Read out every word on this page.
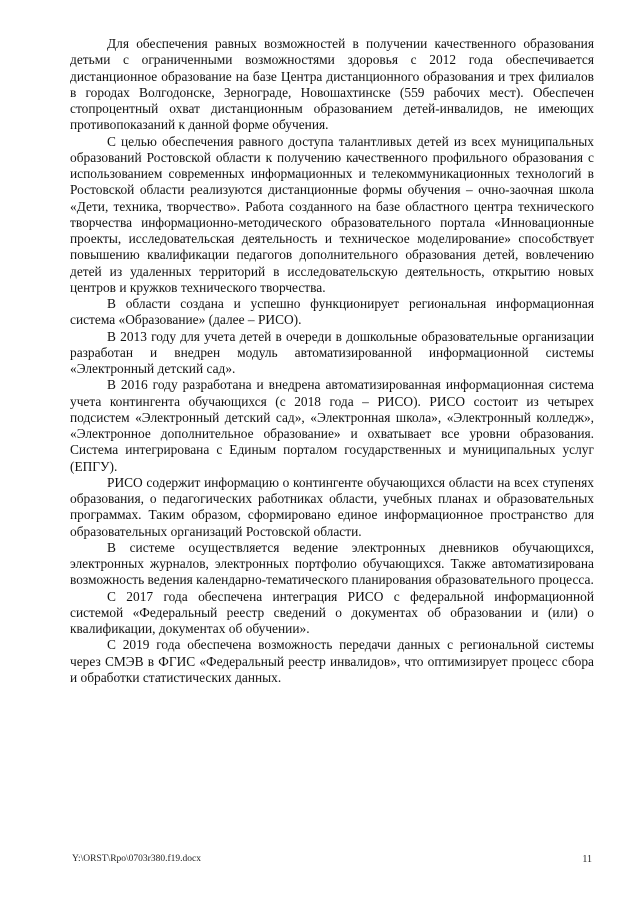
Для обеспечения равных возможностей в получении качественного образования детьми с ограниченными возможностями здоровья с 2012 года обеспечивается дистанционное образование на базе Центра дистанционного образования и трех филиалов в городах Волгодонске, Зернограде, Новошахтинске (559 рабочих мест). Обеспечен стопроцентный охват дистанционным образованием детей-инвалидов, не имеющих противопоказаний к данной форме обучения.

С целью обеспечения равного доступа талантливых детей из всех муниципальных образований Ростовской области к получению качественного профильного образования с использованием современных информационных и телекоммуникационных технологий в Ростовской области реализуются дистанционные формы обучения – очно-заочная школа «Дети, техника, творчество». Работа созданного на базе областного центра технического творчества информационно-методического образовательного портала «Инновационные проекты, исследовательская деятельность и техническое моделирование» способствует повышению квалификации педагогов дополнительного образования детей, вовлечению детей из удаленных территорий в исследовательскую деятельность, открытию новых центров и кружков технического творчества.

В области создана и успешно функционирует региональная информационная система «Образование» (далее – РИСО).

В 2013 году для учета детей в очереди в дошкольные образовательные организации разработан и внедрен модуль автоматизированной информационной системы «Электронный детский сад».

В 2016 году разработана и внедрена автоматизированная информационная система учета контингента обучающихся (с 2018 года – РИСО). РИСО состоит из четырех подсистем «Электронный детский сад», «Электронная школа», «Электронный колледж», «Электронное дополнительное образование» и охватывает все уровни образования. Система интегрирована с Единым порталом государственных и муниципальных услуг (ЕПГУ).

РИСО содержит информацию о контингенте обучающихся области на всех ступенях образования, о педагогических работниках области, учебных планах и образовательных программах. Таким образом, сформировано единое информационное пространство для образовательных организаций Ростовской области.

В системе осуществляется ведение электронных дневников обучающихся, электронных журналов, электронных портфолио обучающихся. Также автоматизирована возможность ведения календарно-тематического планирования образовательного процесса.

С 2017 года обеспечена интеграция РИСО с федеральной информационной системой «Федеральный реестр сведений о документах об образовании и (или) о квалификации, документах об обучении».

С 2019 года обеспечена возможность передачи данных с региональной системы через СМЭВ в ФГИС «Федеральный реестр инвалидов», что оптимизирует процесс сбора и обработки статистических данных.

Y:\ORST\Rpo\0703r380.f19.docx	11
